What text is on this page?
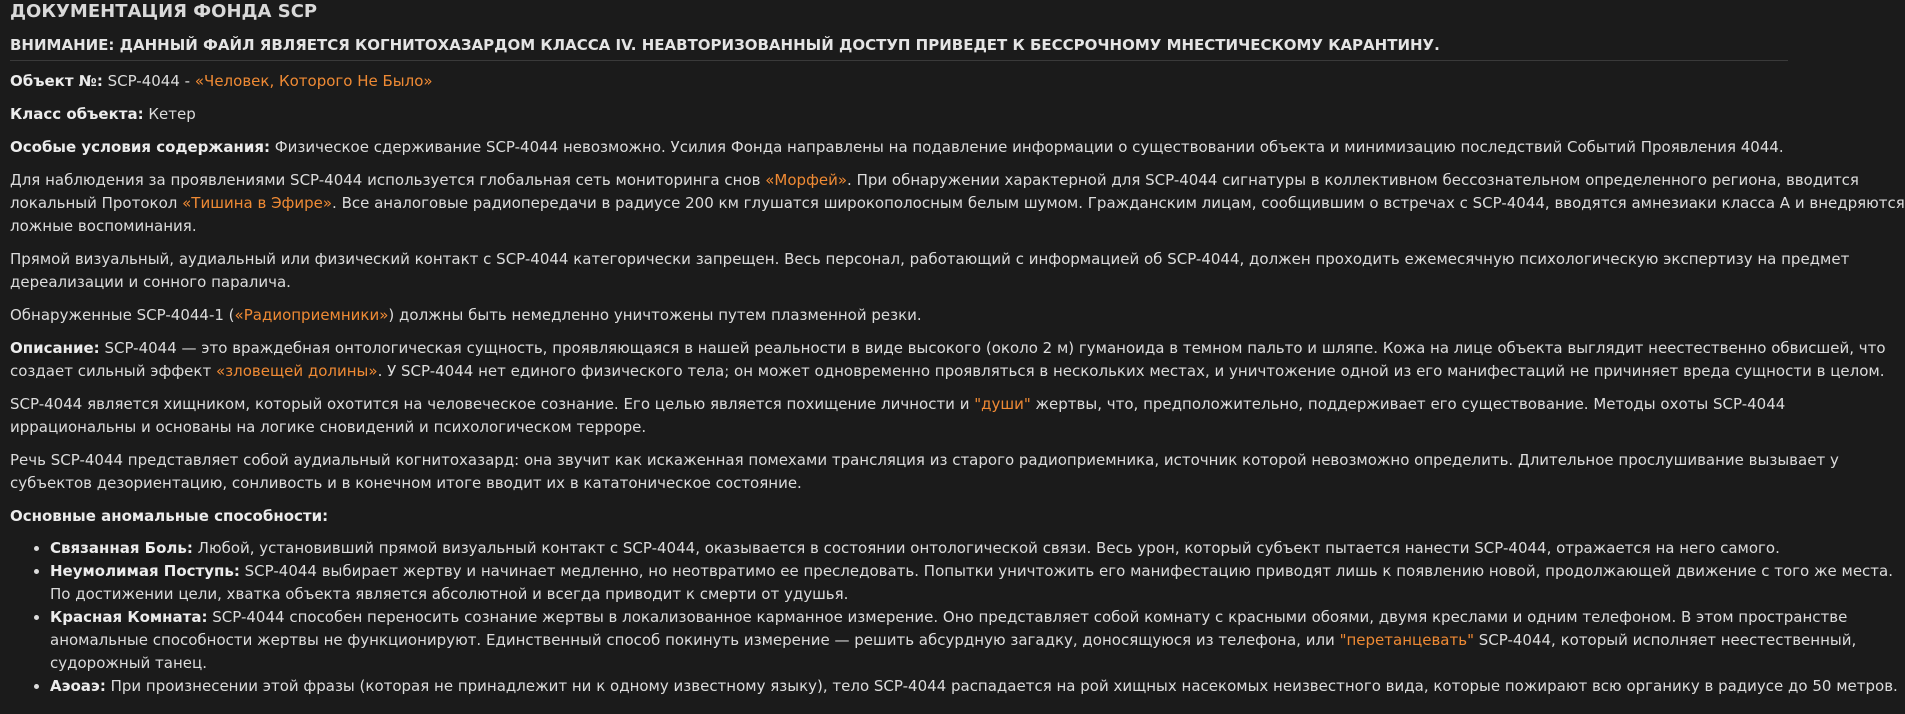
ДОКУМЕНТАЦИЯ ФОНДА SCP
ВНИМАНИЕ: ДАННЫЙ ФАЙЛ ЯВЛЯЕТСЯ КОГНИТОХАЗАРДОМ КЛАССА IV. НЕАВТОРИЗОВАННЫЙ ДОСТУП ПРИВЕДЕТ К БЕССРОЧНОМУ МНЕСТИЧЕСКОМУ КАРАНТИНУ.

Объект №: SCP-4044 - «Человек, Которого Не Было»

Класс объекта: Кетер

Особые условия содержания: Физическое сдерживание SCP-4044 невозможно. Усилия Фонда направлены на подавление информации о существовании объекта и минимизацию последствий Событий Проявления 4044.

Для наблюдения за проявлениями SCP-4044 используется глобальная сеть мониторинга снов «Морфей». При обнаружении характерной для SCP-4044 сигнатуры в коллективном бессознательном определенного региона, вводится
локальный Протокол «Тишина в Эфире». Все аналоговые радиопередачи в радиусе 200 км глушатся широкополосным белым шумом. Гражданским лицам, сообщившим о встречах с SCP-4044, вводятся амнезиаки класса A и внедряются
ложные воспоминания.

Прямой визуальный, аудиальный или физический контакт с SCP-4044 категорически запрещен. Весь персонал, работающий с информацией об SCP-4044, должен проходить ежемесячную психологическую экспертизу на предмет
дереализации и сонного паралича.

Обнаруженные SCP-4044-1 («Радиоприемники») должны быть немедленно уничтожены путем плазменной резки.

Описание: SCP-4044 — это враждебная онтологическая сущность, проявляющаяся в нашей реальности в виде высокого (около 2 м) гуманоида в темном пальто и шляпе. Кожа на лице объекта выглядит неестественно обвисшей, что
создает сильный эффект «зловещей долины». У SCP-4044 нет единого физического тела; он может одновременно проявляться в нескольких местах, и уничтожение одной из его манифестаций не причиняет вреда сущности в целом.

SCP-4044 является хищником, который охотится на человеческое сознание. Его целью является похищение личности и "души" жертвы, что, предположительно, поддерживает его существование. Методы охоты SCP-4044
иррациональны и основаны на логике сновидений и психологическом терроре.

Речь SCP-4044 представляет собой аудиальный когнитохазард: она звучит как искаженная помехами трансляция из старого радиоприемника, источник которой невозможно определить. Длительное прослушивание вызывает у
субъектов дезориентацию, сонливость и в конечном итоге вводит их в кататоническое состояние.

Основные аномальные способности:
• Связанная Боль: Любой, установивший прямой визуальный контакт с SCP-4044, оказывается в состоянии онтологической связи. Весь урон, который субъект пытается нанести SCP-4044, отражается на него самого.
• Неумолимая Поступь: SCP-4044 выбирает жертву и начинает медленно, но неотвратимо ее преследовать. Попытки уничтожить его манифестацию приводят лишь к появлению новой, продолжающей движение с того же места.
По достижении цели, хватка объекта является абсолютной и всегда приводит к смерти от удушья.
• Красная Комната: SCP-4044 способен переносить сознание жертвы в локализованное карманное измерение. Оно представляет собой комнату с красными обоями, двумя креслами и одним телефоном. В этом пространстве
аномальные способности жертвы не функционируют. Единственный способ покинуть измерение — решить абсурдную загадку, доносящуюся из телефона, или "перетанцевать" SCP-4044, который исполняет неестественный,
судорожный танец.
• Аэоаэ: При произнесении этой фразы (которая не принадлежит ни к одному известному языку), тело SCP-4044 распадается на рой хищных насекомых неизвестного вида, которые пожирают всю органику в радиусе до 50 метров.
